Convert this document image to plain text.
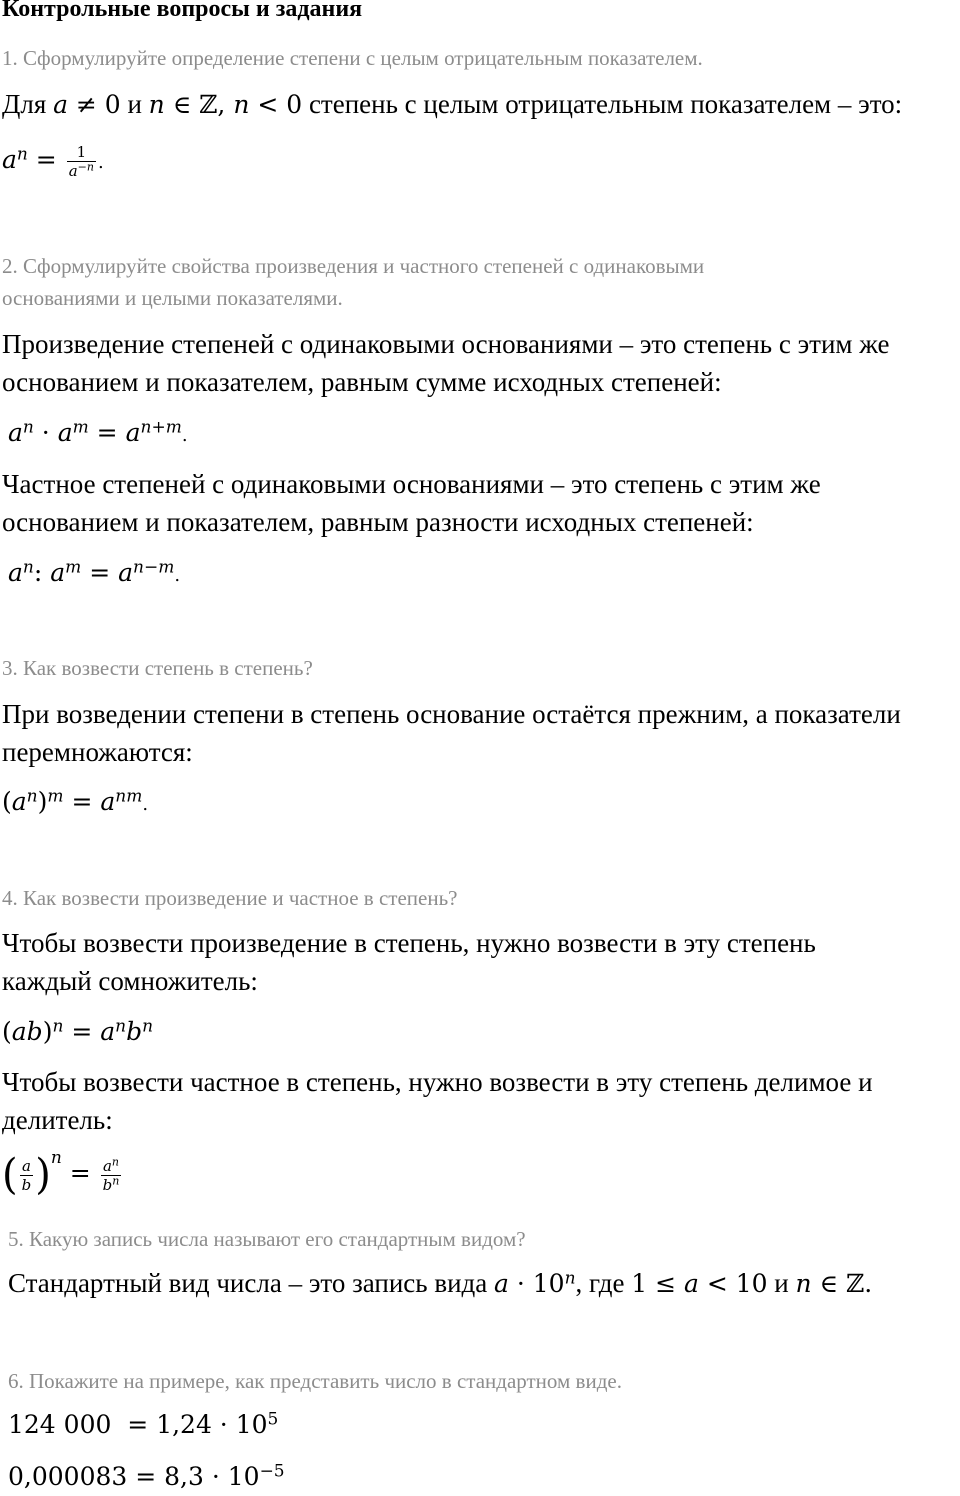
Контрольные вопросы и задания
1. Сформулируйте определение степени с целым отрицательным показателем.
Для a ≠ 0 и n ∈ ℤ, n < 0 степень с целым отрицательным показателем – это:
$a^n = \frac{1}{a^{-n}}$ .
2. Сформулируйте свойства произведения и частного степеней с одинаковыми
основаниями и целыми показателями.
Произведение степеней с одинаковыми основаниями – это степень с этим же
основанием и показателем, равным сумме исходных степеней:
$a^n \cdot a^m = a^{n+m}$.
Частное степеней с одинаковыми основаниями – это степень с этим же
основанием и показателем, равным разности исходных степеней:
$a^n$: $a^m = a^{n-m}$.
3. Как возвести степень в степень?
При возведении степени в степень основание остаётся прежним, а показатели
перемножаются:
$(a^n)^m = a^{nm}$.
4. Как возвести произведение и частное в степень?
Чтобы возвести произведение в степень, нужно возвести в эту степень
каждый сомножитель:
$(ab)^n = a^nb^n$
Чтобы возвести частное в степень, нужно возвести в эту степень делимое и
делитель:
( $\frac{a}{b} )^n = \frac{a^n}{b^n}$
5. Какую запись числа называют его стандартным видом?
Стандартный вид числа – это запись вида $a \cdot 10^n$, где 1 ≤ a < 10 и n ∈ ℤ.
6. Покажите на примере, как представить число в стандартном виде.
124 $000 = 1,24 \cdot 10^5$
$0,000083 = 8,3 \cdot 10^{-5}$
